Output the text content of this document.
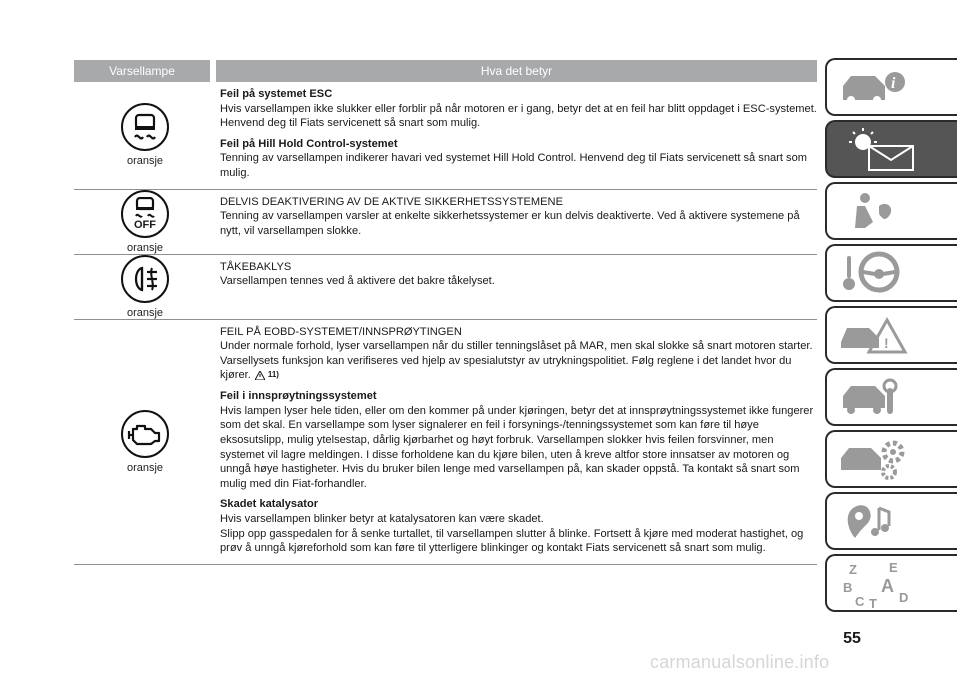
Varsellampe	Hva det betyr
oransje
Feil på systemet ESC
Hvis varsellampen ikke slukker eller forblir på når motoren er i gang, betyr det at en feil har blitt oppdaget i ESC-systemet. Henvend deg til Fiats servicenett så snart som mulig.
Feil på Hill Hold Control-systemet
Tenning av varsellampen indikerer havari ved systemet Hill Hold Control. Henvend deg til Fiats servicenett så snart som mulig.
OFF
oransje
DELVIS DEAKTIVERING AV DE AKTIVE SIKKERHETSSYSTEMENE
Tenning av varsellampen varsler at enkelte sikkerhetssystemer er kun delvis deaktiverte. Ved å aktivere systemene på nytt, vil varsellampen slokke.
oransje
TÅKEBAKLYS
Varsellampen tennes ved å aktivere det bakre tåkelyset.
oransje
FEIL PÅ EOBD-SYSTEMET/INNSPRØYTINGEN
Under normale forhold, lyser varsellampen når du stiller tenningslåset på MAR, men skal slokke så snart motoren starter. Varsellysets funksjon kan verifiseres ved hjelp av spesialutstyr av utrykningspolitiet. Følg reglene i det landet hvor du kjører. 11)
Feil i innsprøytningssystemet
Hvis lampen lyser hele tiden, eller om den kommer på under kjøringen, betyr det at innsprøytningssystemet ikke fungerer som det skal. En varsellampe som lyser signalerer en feil i forsynings-/tenningssystemet som kan føre til høye eksosutslipp, mulig ytelsestap, dårlig kjørbarhet og høyt forbruk. Varsellampen slokker hvis feilen forsvinner, men systemet vil lagre meldingen. I disse forholdene kan du kjøre bilen, uten å kreve altfor store innsatser av motoren og unngå høye hastigheter. Hvis du bruker bilen lenge med varsellampen på, kan skader oppstå. Ta kontakt så snart som mulig med din Fiat-forhandler.
Skadet katalysator
Hvis varsellampen blinker betyr at katalysatoren kan være skadet.
Slipp opp gasspedalen for å senke turtallet, til varsellampen slutter å blinke. Fortsett å kjøre med moderat hastighet, og prøv å unngå kjøreforhold som kan føre til ytterligere blinkinger og kontakt Fiats servicenett så snart som mulig.
i
!
Z E
B A
C	D
T
55
carmanualsonline.info
